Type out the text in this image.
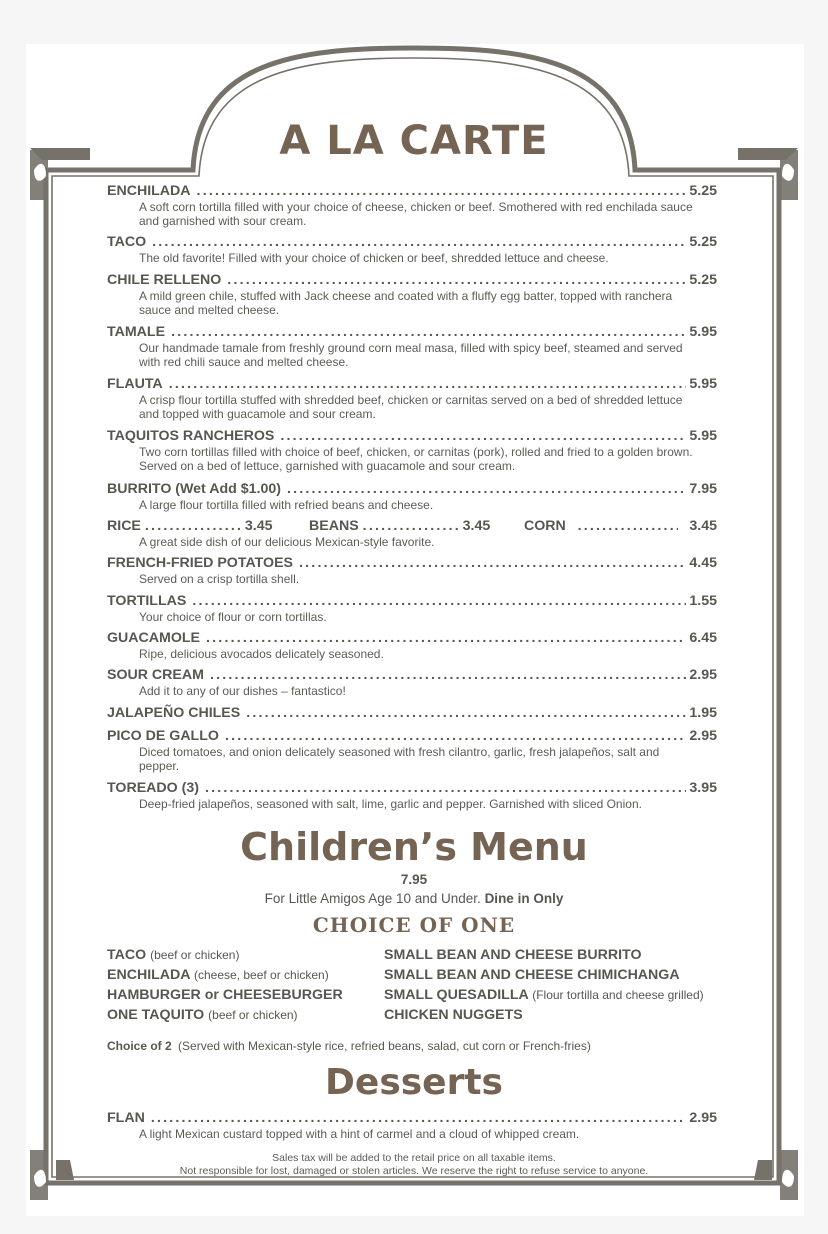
A LA CARTE
ENCHILADA .....	5.25
A soft corn tortilla filled with your choice of cheese, chicken or beef. Smothered with red enchilada sauce and garnished with sour cream.
TACO .....	5.25
The old favorite! Filled with your choice of chicken or beef, shredded lettuce and cheese.
CHILE RELLENO .....	5.25
A mild green chile, stuffed with Jack cheese and coated with a fluffy egg batter, topped with ranchera sauce and melted cheese.
TAMALE .....	5.95
Our handmade tamale from freshly ground corn meal masa, filled with spicy beef, steamed and served with red chili sauce and melted cheese.
FLAUTA .....	5.95
A crisp flour tortilla stuffed with shredded beef, chicken or carnitas served on a bed of shredded lettuce and topped with guacamole and sour cream.
TAQUITOS RANCHEROS .....	5.95
Two corn tortillas filled with choice of beef, chicken, or carnitas (pork), rolled and fried to a golden brown. Served on a bed of lettuce, garnished with guacamole and sour cream.
BURRITO (Wet Add $1.00) .....	7.95
A large flour tortilla filled with refried beans and cheese.
RICE .....	3.45	BEANS .....	3.45 CORN .....	3.45
A great side dish of our delicious Mexican-style favorite.
FRENCH-FRIED POTATOES .....	4.45
Served on a crisp tortilla shell.
TORTILLAS .....	1.55
Your choice of flour or corn tortillas.
GUACAMOLE .....	6.45
Ripe, delicious avocados delicately seasoned.
SOUR CREAM .....	2.95
Add it to any of our dishes – fantastico!
JALAPEÑO CHILES .....	1.95
PICO DE GALLO .....	2.95
Diced tomatoes, and onion delicately seasoned with fresh cilantro, garlic, fresh jalapeños, salt and pepper.
TOREADO (3) .....	3.95
Deep-fried jalapeños, seasoned with salt, lime, garlic and pepper. Garnished with sliced Onion.
Children’s Menu
7.95
For Little Amigos Age 10 and Under. Dine in Only
CHOICE OF ONE
TACO (beef or chicken)
ENCHILADA (cheese, beef or chicken)
HAMBURGER or CHEESEBURGER
ONE TAQUITO (beef or chicken)
SMALL BEAN AND CHEESE BURRITO
SMALL BEAN AND CHEESE CHIMICHANGA
SMALL QUESADILLA (Flour tortilla and cheese grilled)
CHICKEN NUGGETS
Choice of 2 (Served with Mexican-style rice, refried beans, salad, cut corn or French-fries)
Desserts
FLAN .....	2.95
A light Mexican custard topped with a hint of carmel and a cloud of whipped cream.
Sales tax will be added to the retail price on all taxable items.
Not responsible for lost, damaged or stolen articles. We reserve the right to refuse service to anyone.
